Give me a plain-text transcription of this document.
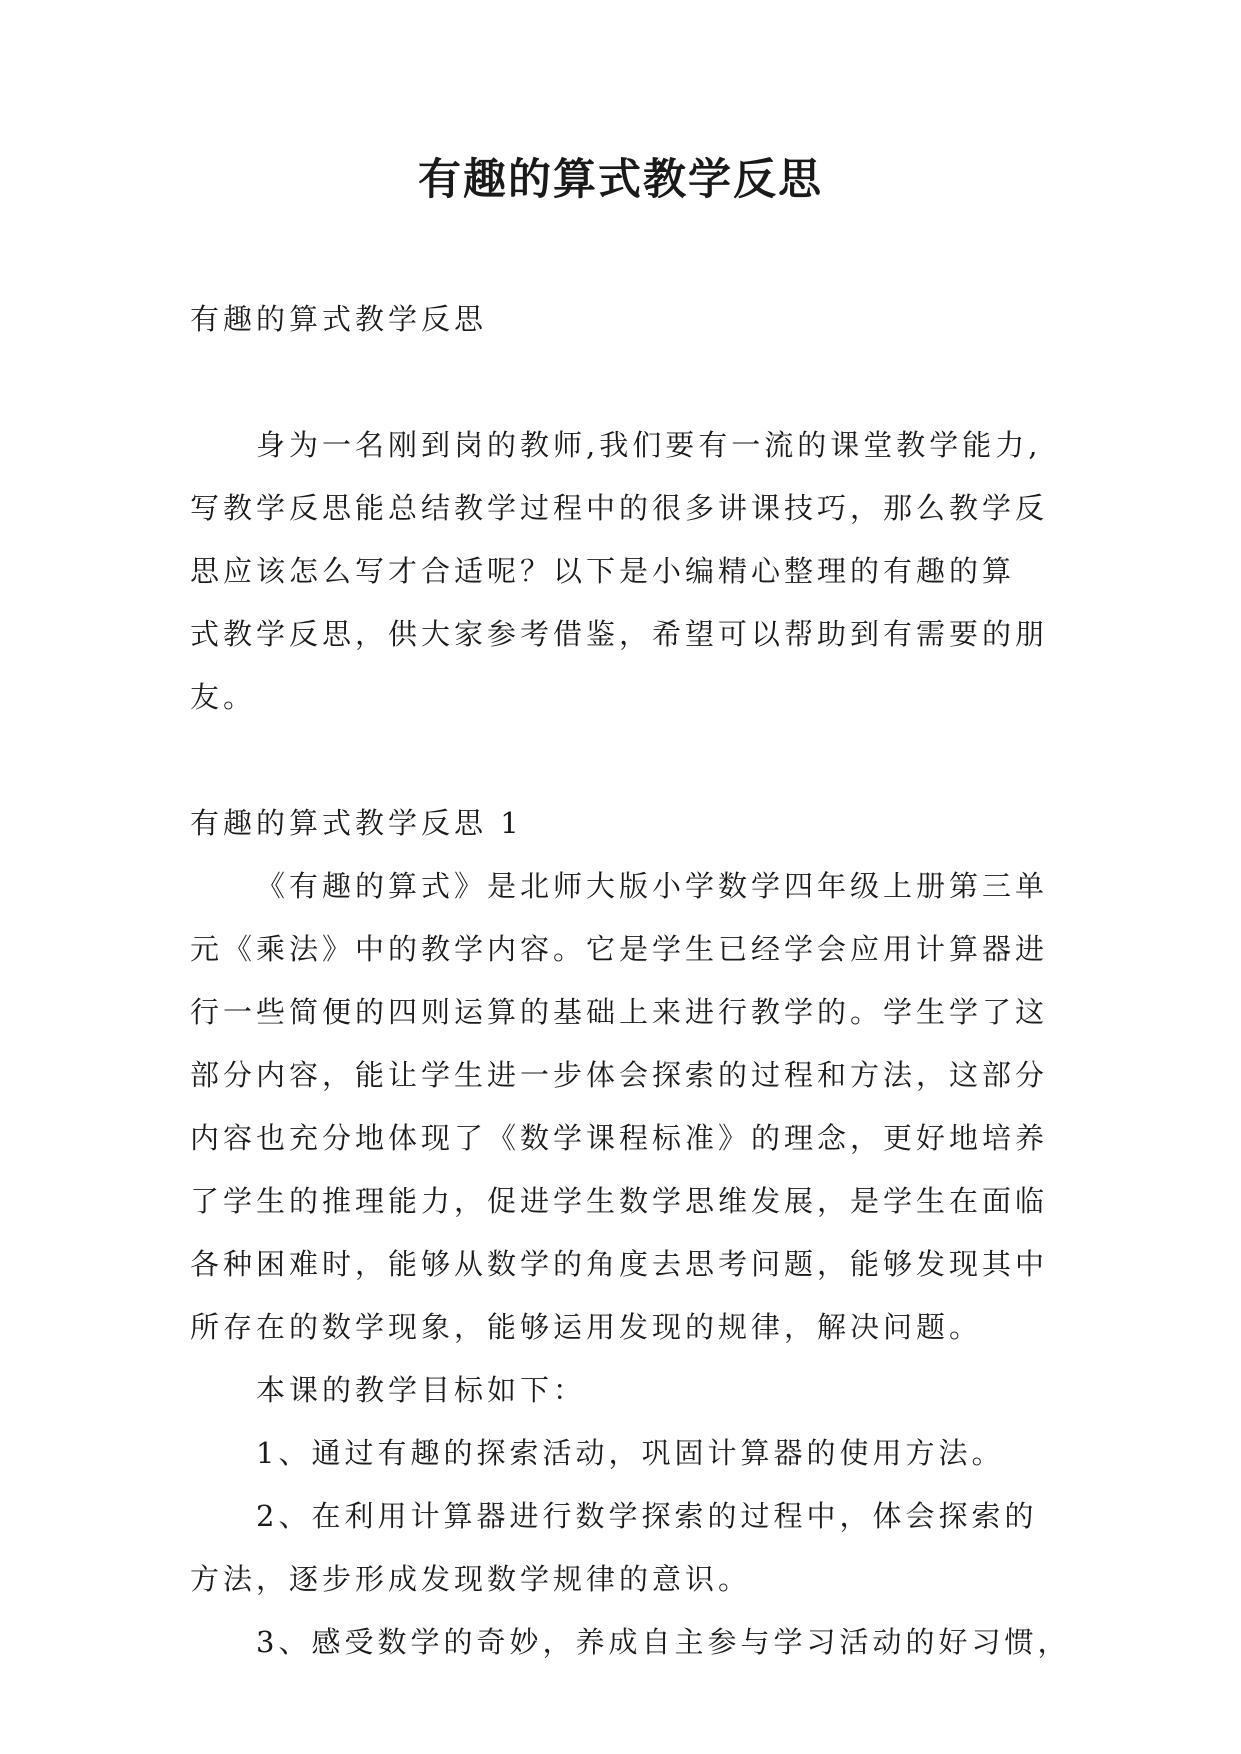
有趣的算式教学反思

有趣的算式教学反思

身为一名刚到岗的教师,我们要有一流的课堂教学能力,

写教学反思能总结教学过程中的很多讲课技巧，那么教学反

思应该怎么写才合适呢？以下是小编精心整理的有趣的算

式教学反思，供大家参考借鉴，希望可以帮助到有需要的朋

友。

有趣的算式教学反思 1

《有趣的算式》是北师大版小学数学四年级上册第三单

元《乘法》中的教学内容。它是学生已经学会应用计算器进

行一些简便的四则运算的基础上来进行教学的。学生学了这

部分内容，能让学生进一步体会探索的过程和方法，这部分

内容也充分地体现了《数学课程标准》的理念，更好地培养

了学生的推理能力，促进学生数学思维发展，是学生在面临

各种困难时，能够从数学的角度去思考问题，能够发现其中

所存在的数学现象，能够运用发现的规律，解决问题。

本课的教学目标如下：

1、通过有趣的探索活动，巩固计算器的使用方法。

2、在利用计算器进行数学探索的过程中，体会探索的

方法，逐步形成发现数学规律的意识。

3、感受数学的奇妙，养成自主参与学习活动的好习惯，
